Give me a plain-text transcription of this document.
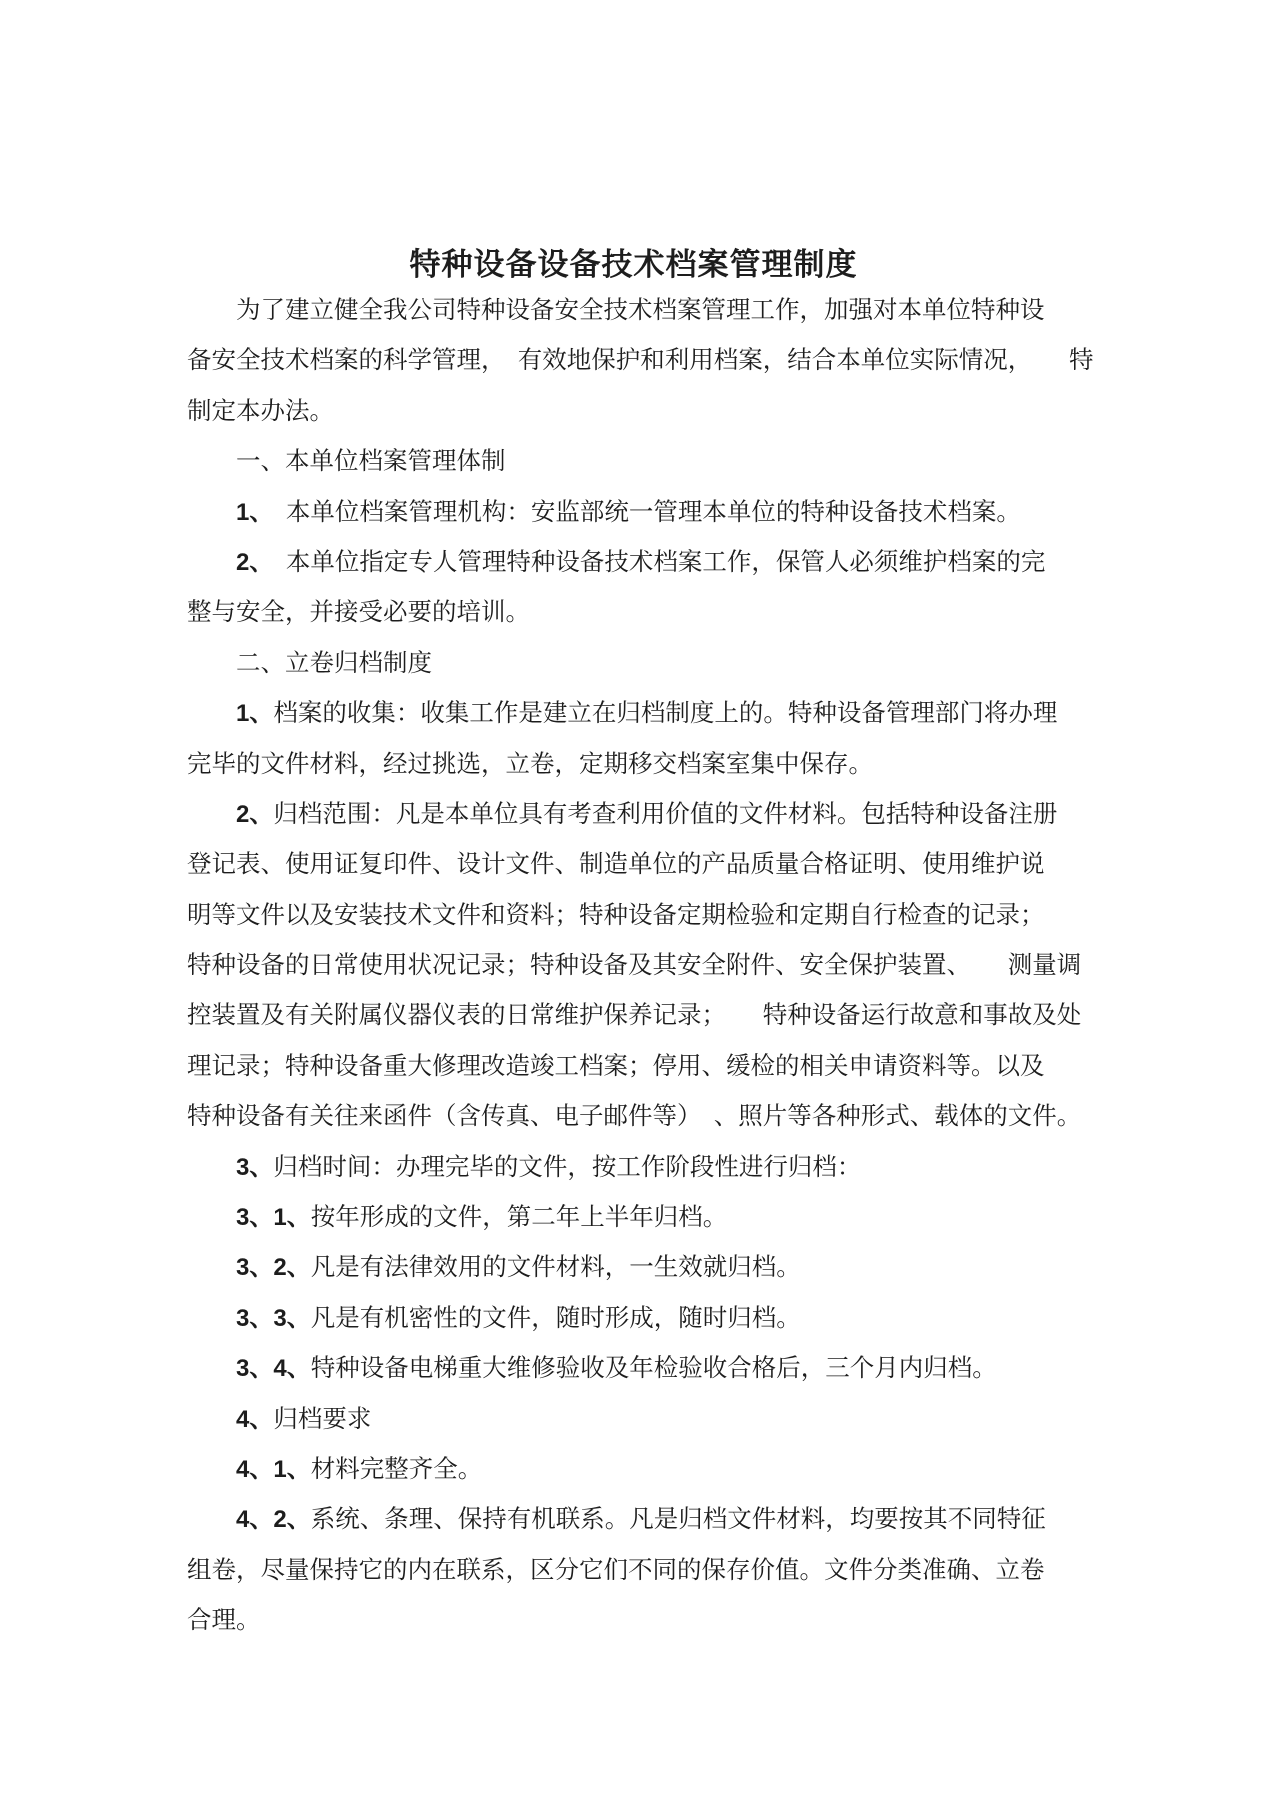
特种设备设备技术档案管理制度
为了建立健全我公司特种设备安全技术档案管理工作，加强对本单位特种设
备安全技术档案的科学管理，　有效地保护和利用档案，结合本单位实际情况，　　特
制定本办法。
一、本单位档案管理体制
1、　本单位档案管理机构：安监部统一管理本单位的特种设备技术档案。
2、　本单位指定专人管理特种设备技术档案工作，保管人必须维护档案的完
整与安全，并接受必要的培训。
二、立卷归档制度
1、档案的收集：收集工作是建立在归档制度上的。特种设备管理部门将办理
完毕的文件材料，经过挑选，立卷，定期移交档案室集中保存。
2、归档范围：凡是本单位具有考查利用价值的文件材料。包括特种设备注册
登记表、使用证复印件、设计文件、制造单位的产品质量合格证明、使用维护说
明等文件以及安装技术文件和资料；特种设备定期检验和定期自行检查的记录；
特种设备的日常使用状况记录；特种设备及其安全附件、安全保护装置、　　测量调
控装置及有关附属仪器仪表的日常维护保养记录；　　特种设备运行故意和事故及处
理记录；特种设备重大修理改造竣工档案；停用、缓检的相关申请资料等。以及
特种设备有关往来函件（含传真、电子邮件等）　、照片等各种形式、载体的文件。
3、归档时间：办理完毕的文件，按工作阶段性进行归档：
3、1、按年形成的文件，第二年上半年归档。
3、2、凡是有法律效用的文件材料，一生效就归档。
3、3、凡是有机密性的文件，随时形成，随时归档。
3、4、特种设备电梯重大维修验收及年检验收合格后，三个月内归档。
4、归档要求
4、1、材料完整齐全。
4、2、系统、条理、保持有机联系。凡是归档文件材料，均要按其不同特征
组卷，尽量保持它的内在联系，区分它们不同的保存价值。文件分类准确、立卷
合理。
